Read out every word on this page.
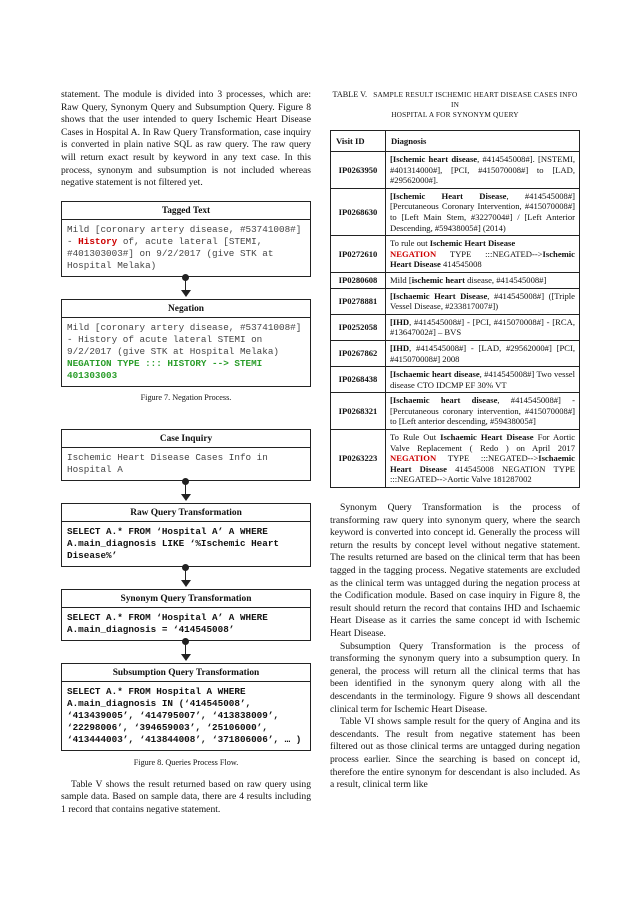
statement. The module is divided into 3 processes, which are: Raw Query, Synonym Query and Subsumption Query. Figure 8 shows that the user intended to query Ischemic Heart Disease Cases in Hospital A. In Raw Query Transformation, case inquiry is converted in plain native SQL as raw query. The raw query will return exact result by keyword in any text case. In this process, synonym and subsumption is not included whereas negative statement is not filtered yet.

Tagged Text
Mild [coronary artery disease, #53741008#] - History of, acute lateral [STEMI, #401303003#] on 9/2/2017 (give STK at Hospital Melaka)
Negation
Mild [coronary artery disease, #53741008#] - History of acute lateral STEMI on 9/2/2017 (give STK at Hospital Melaka)
NEGATION TYPE ::: HISTORY --> STEMI 401303003

Figure 7. Negation Process.

Case Inquiry
Ischemic Heart Disease Cases Info in Hospital A
Raw Query Transformation
SELECT A.* FROM ‘Hospital A’ A WHERE A.main_diagnosis LIKE ‘%Ischemic Heart Disease%’
Synonym Query Transformation
SELECT A.* FROM ‘Hospital A’ A WHERE A.main_diagnosis = ‘414545008’
Subsumption Query Transformation
SELECT A.* FROM Hospital A WHERE A.main_diagnosis IN (‘414545008’, ‘413439005’, ‘414795007’, ‘413838009’, ‘22298006’, ‘394659003’, ‘25106000’, ‘413444003’, ‘413844008’, ‘371806006’, … )

Figure 8. Queries Process Flow.

Table V shows the result returned based on raw query using sample data. Based on sample data, there are 4 results including 1 record that contains negative statement.

TABLE V. SAMPLE RESULT ISCHEMIC HEART DISEASE CASES INFO IN
HOSPITAL A FOR SYNONYM QUERY
Visit ID	Diagnosis
IP0263950	[Ischemic heart disease, #414545008#]. [NSTEMI, #401314000#], [PCI, #415070008#] to [LAD, #29562000#].
IP0268630	[Ischemic Heart Disease, #414545008#] [Percutaneous Coronary Intervention, #415070008#] to [Left Main Stem, #3227004#] / [Left Anterior Descending, #59438005#] (2014)
IP0272610	To rule out Ischemic Heart Disease
NEGATION TYPE :::NEGATED-->Ischemic Heart Disease 414545008
IP0280608	Mild [ischemic heart disease, #414545008#]
IP0278881	[Ischaemic Heart Disease, #414545008#] ([Triple Vessel Disease, #233817007#])
IP0252058	[IHD, #414545008#] - [PCI, #415070008#] - [RCA, #13647002#] – BVS
IP0267862	[IHD, #414545008#] - [LAD, #29562000#] [PCI, #415070008#] 2008
IP0268438	[Ischaemic heart disease, #414545008#] Two vessel disease CTO IDCMP EF 30% VT
IP0268321	[Ischaemic heart disease, #414545008#] - [Percutaneous coronary intervention, #415070008#] to [Left anterior descending, #59438005#]
IP0263223	To Rule Out Ischaemic Heart Disease For Aortic Valve Replacement ( Redo ) on April 2017 NEGATION TYPE :::NEGATED-->Ischaemic Heart Disease 414545008 NEGATION TYPE :::NEGATED-->Aortic Valve 181287002

Synonym Query Transformation is the process of transforming raw query into synonym query, where the search keyword is converted into concept id. Generally the process will return the results by concept level without negative statement. The results returned are based on the clinical term that has been tagged in the tagging process. Negative statements are excluded as the clinical term was untagged during the negation process at the Codification module. Based on case inquiry in Figure 8, the result should return the record that contains IHD and Ischaemic Heart Disease as it carries the same concept id with Ischemic Heart Disease.

Subsumption Query Transformation is the process of transforming the synonym query into a subsumption query. In general, the process will return all the clinical terms that has been identified in the synonym query along with all the descendants in the terminology. Figure 9 shows all descendant clinical term for Ischemic Heart Disease.

Table VI shows sample result for the query of Angina and its descendants. The result from negative statement has been filtered out as those clinical terms are untagged during negation process earlier. Since the searching is based on concept id, therefore the entire synonym for descendant is also included. As a result, clinical term like
